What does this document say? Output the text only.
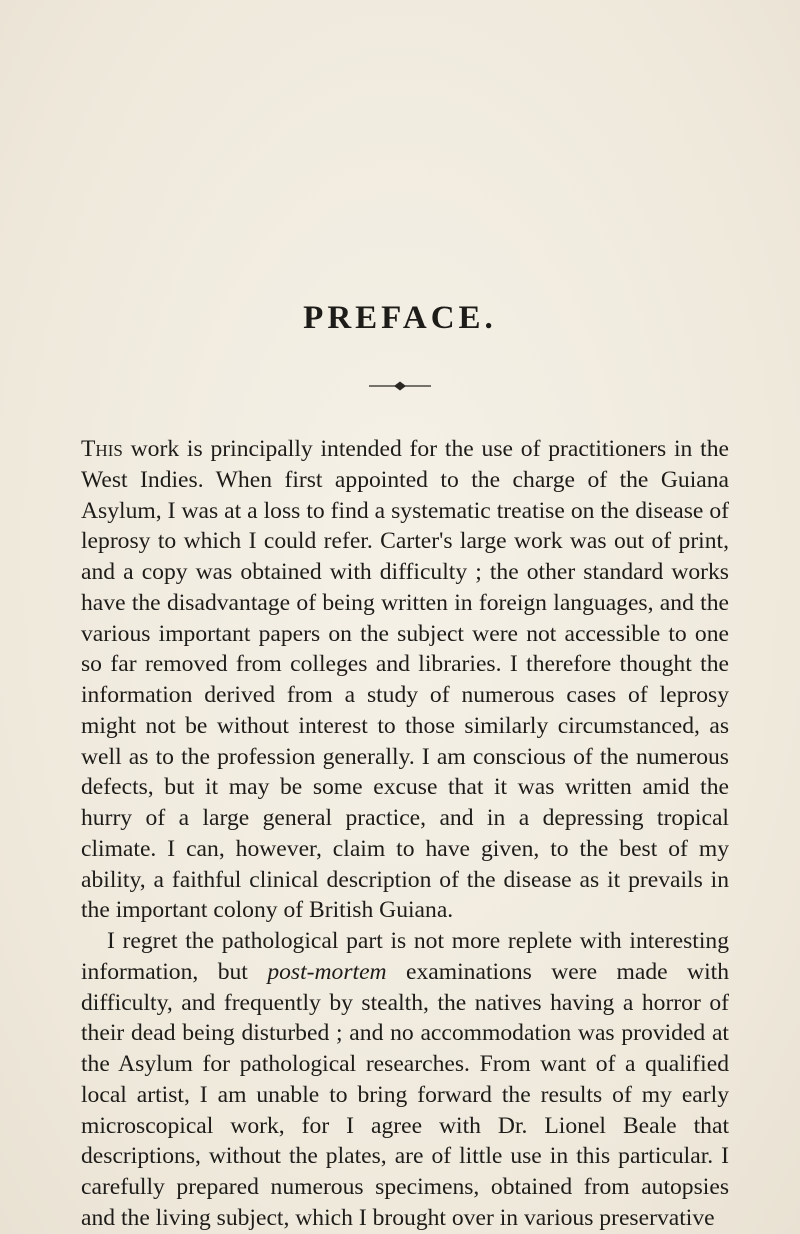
PREFACE.

This work is principally intended for the use of practitioners in the West Indies. When first appointed to the charge of the Guiana Asylum, I was at a loss to find a systematic treatise on the disease of leprosy to which I could refer. Carter's large work was out of print, and a copy was obtained with difficulty ; the other standard works have the disadvantage of being written in foreign languages, and the various important papers on the subject were not accessible to one so far removed from colleges and libraries. I therefore thought the information derived from a study of numerous cases of leprosy might not be without interest to those similarly circumstanced, as well as to the profession generally. I am conscious of the numerous defects, but it may be some excuse that it was written amid the hurry of a large general practice, and in a depressing tropical climate. I can, however, claim to have given, to the best of my ability, a faithful clinical description of the disease as it prevails in the important colony of British Guiana.

I regret the pathological part is not more replete with interesting information, but post-mortem examinations were made with difficulty, and frequently by stealth, the natives having a horror of their dead being disturbed ; and no accommodation was provided at the Asylum for pathological researches. From want of a qualified local artist, I am unable to bring forward the results of my early microscopical work, for I agree with Dr. Lionel Beale that descriptions, without the plates, are of little use in this particular. I carefully prepared numerous specimens, obtained from autopsies and the living subject, which I brought over in various preservative
